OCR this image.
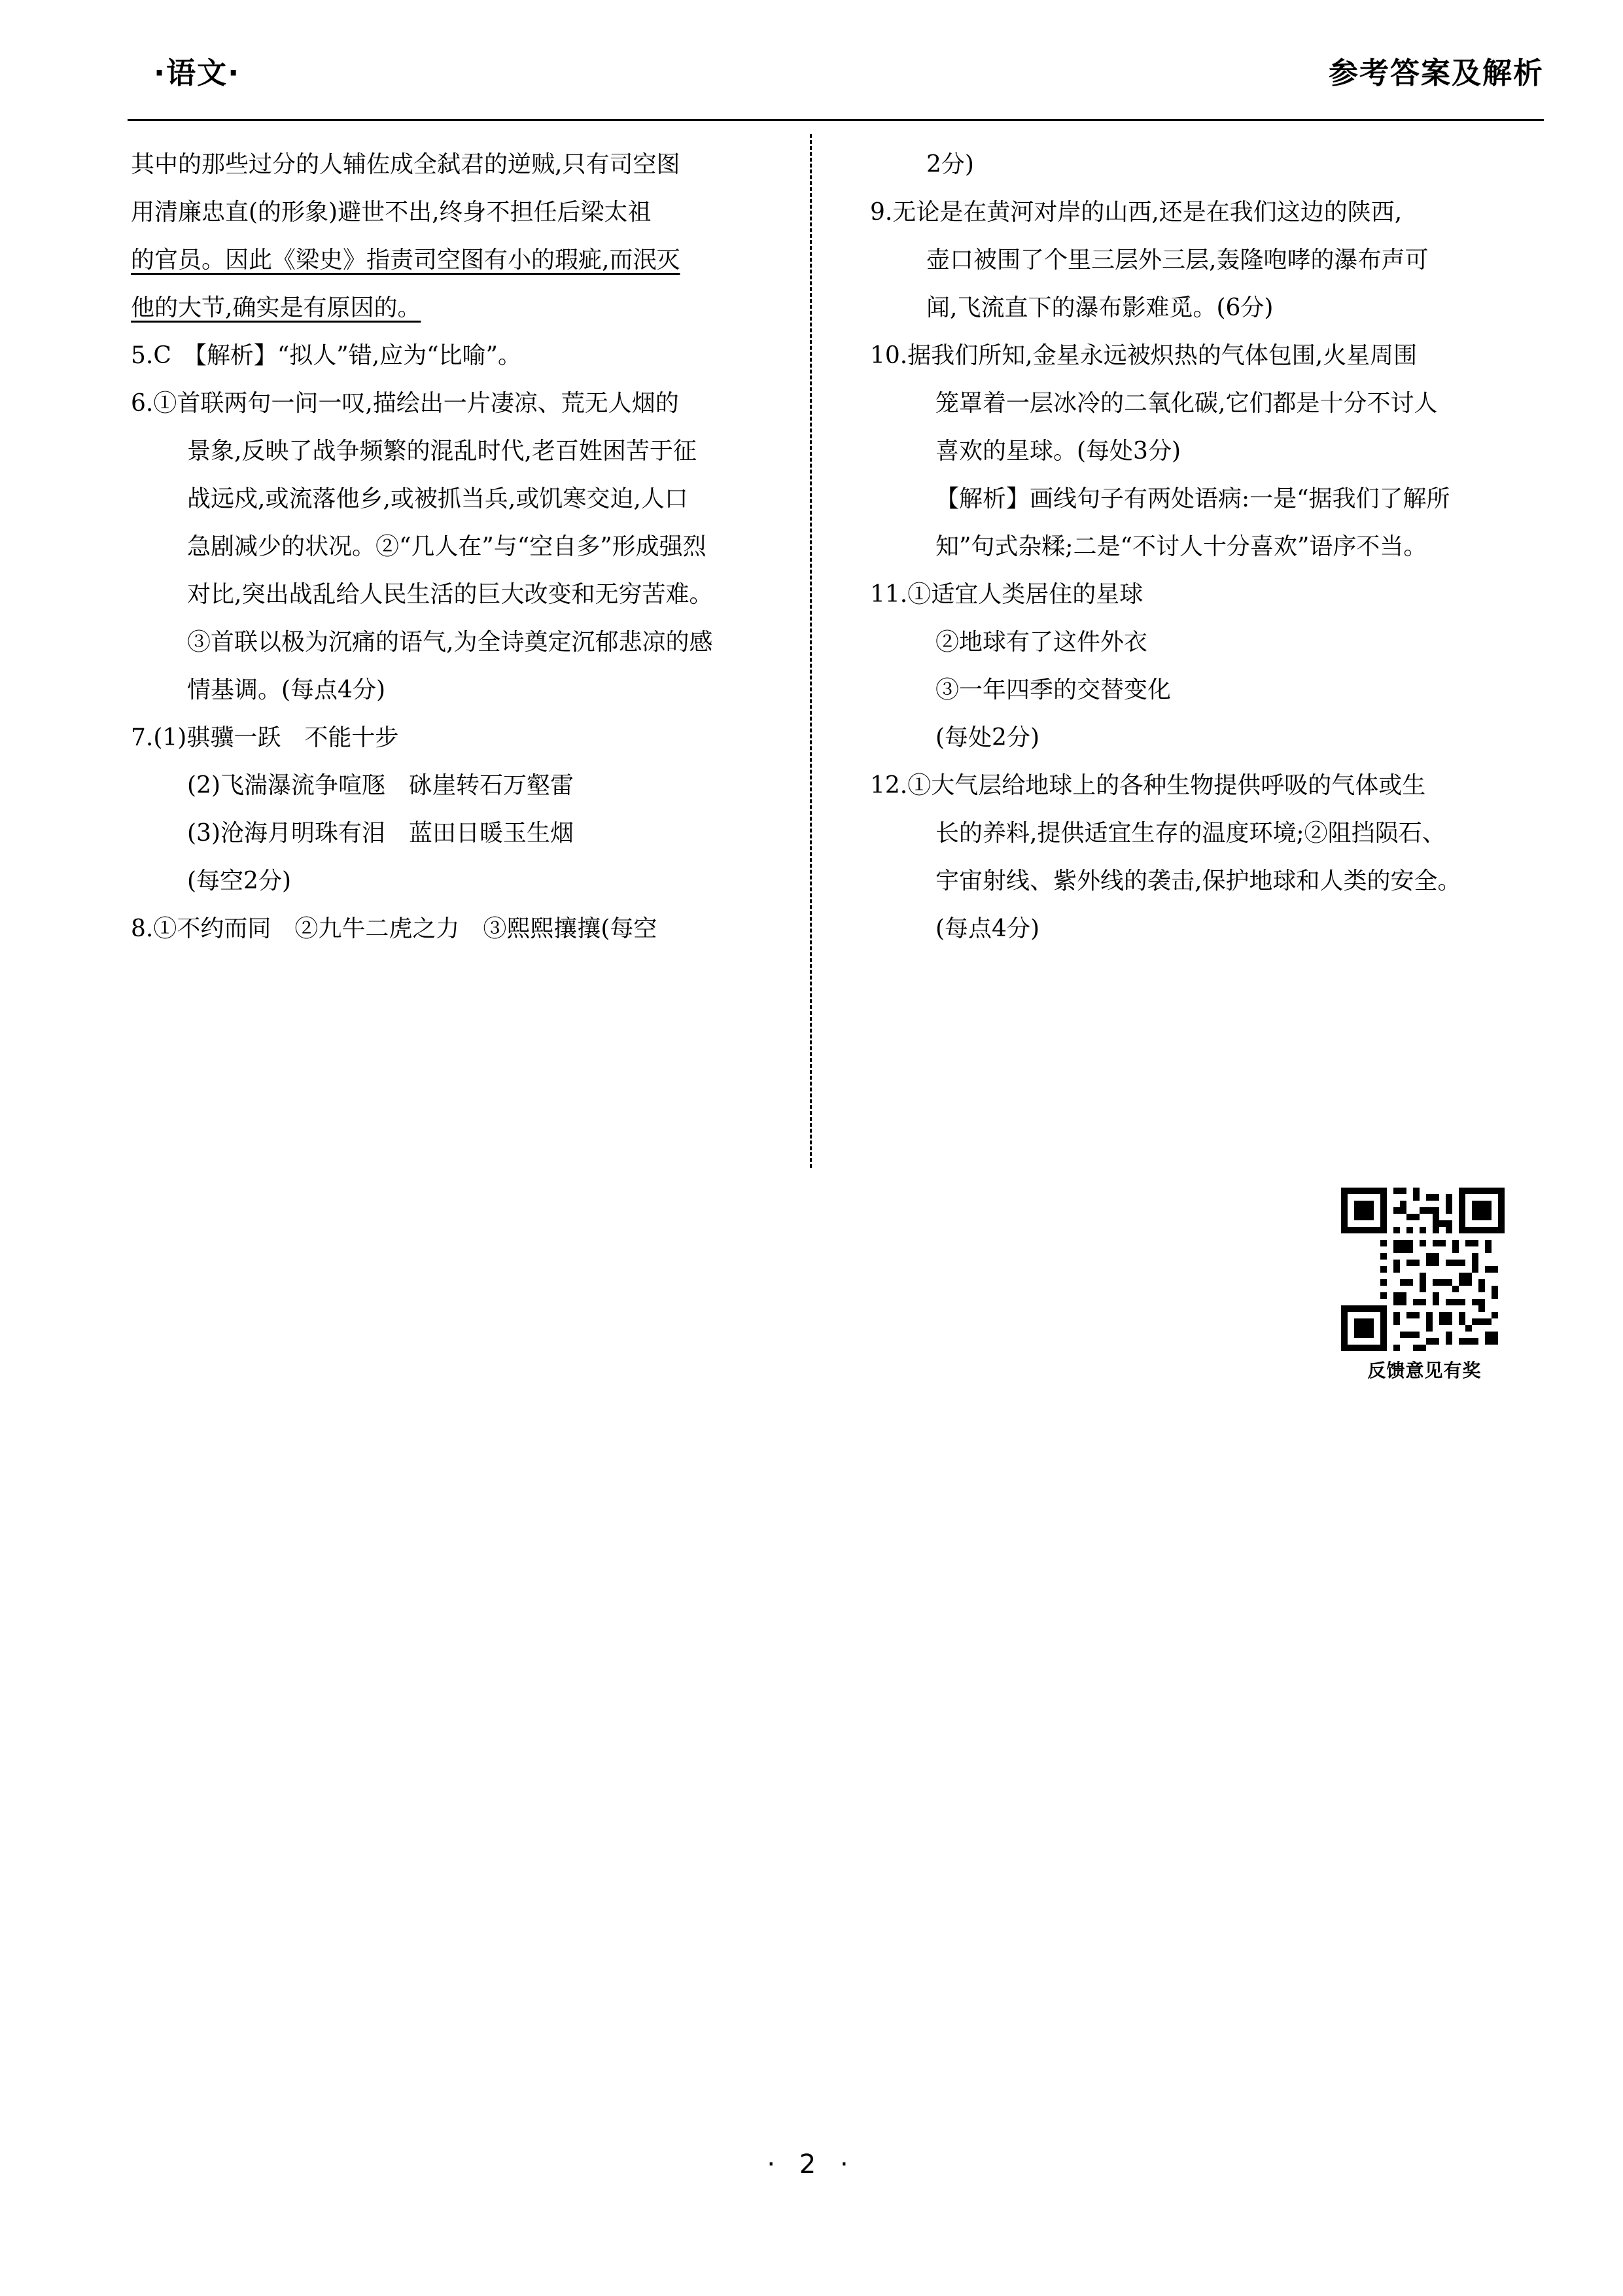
·语文·	参考答案及解析
其中的那些过分的人辅佐成全弑君的逆贼,只有司空图
用清廉忠直(的形象)避世不出,终身不担任后梁太祖
的官员。因此《梁史》指责司空图有小的瑕疵,而泯灭
他的大节,确实是有原因的。
5.C　【解析】“拟人”错,应为“比喻”。
6.①首联两句一问一叹,描绘出一片凄凉、荒无人烟的
景象,反映了战争频繁的混乱时代,老百姓困苦于征
战远戍,或流落他乡,或被抓当兵,或饥寒交迫,人口
急剧减少的状况。②“几人在”与“空自多”形成强烈
对比,突出战乱给人民生活的巨大改变和无穷苦难。
③首联以极为沉痛的语气,为全诗奠定沉郁悲凉的感
情基调。(每点4分)
7.(1)骐骥一跃　不能十步
(2)飞湍瀑流争喧豗　砯崖转石万壑雷
(3)沧海月明珠有泪　蓝田日暖玉生烟
(每空2分)
8.①不约而同　②九牛二虎之力　③熙熙攘攘(每空
2分)
9.无论是在黄河对岸的山西,还是在我们这边的陕西,
壶口被围了个里三层外三层,轰隆咆哮的瀑布声可
闻,飞流直下的瀑布影难觅。(6分)
10.据我们所知,金星永远被炽热的气体包围,火星周围
笼罩着一层冰冷的二氧化碳,它们都是十分不讨人
喜欢的星球。(每处3分)
【解析】画线句子有两处语病:一是“据我们了解所
知”句式杂糅;二是“不讨人十分喜欢”语序不当。
11.①适宜人类居住的星球
②地球有了这件外衣
③一年四季的交替变化
(每处2分)
12.①大气层给地球上的各种生物提供呼吸的气体或生
长的养料,提供适宜生存的温度环境;②阻挡陨石、
宇宙射线、紫外线的袭击,保护地球和人类的安全。
(每点4分)
反馈意见有奖
· 2 ·
